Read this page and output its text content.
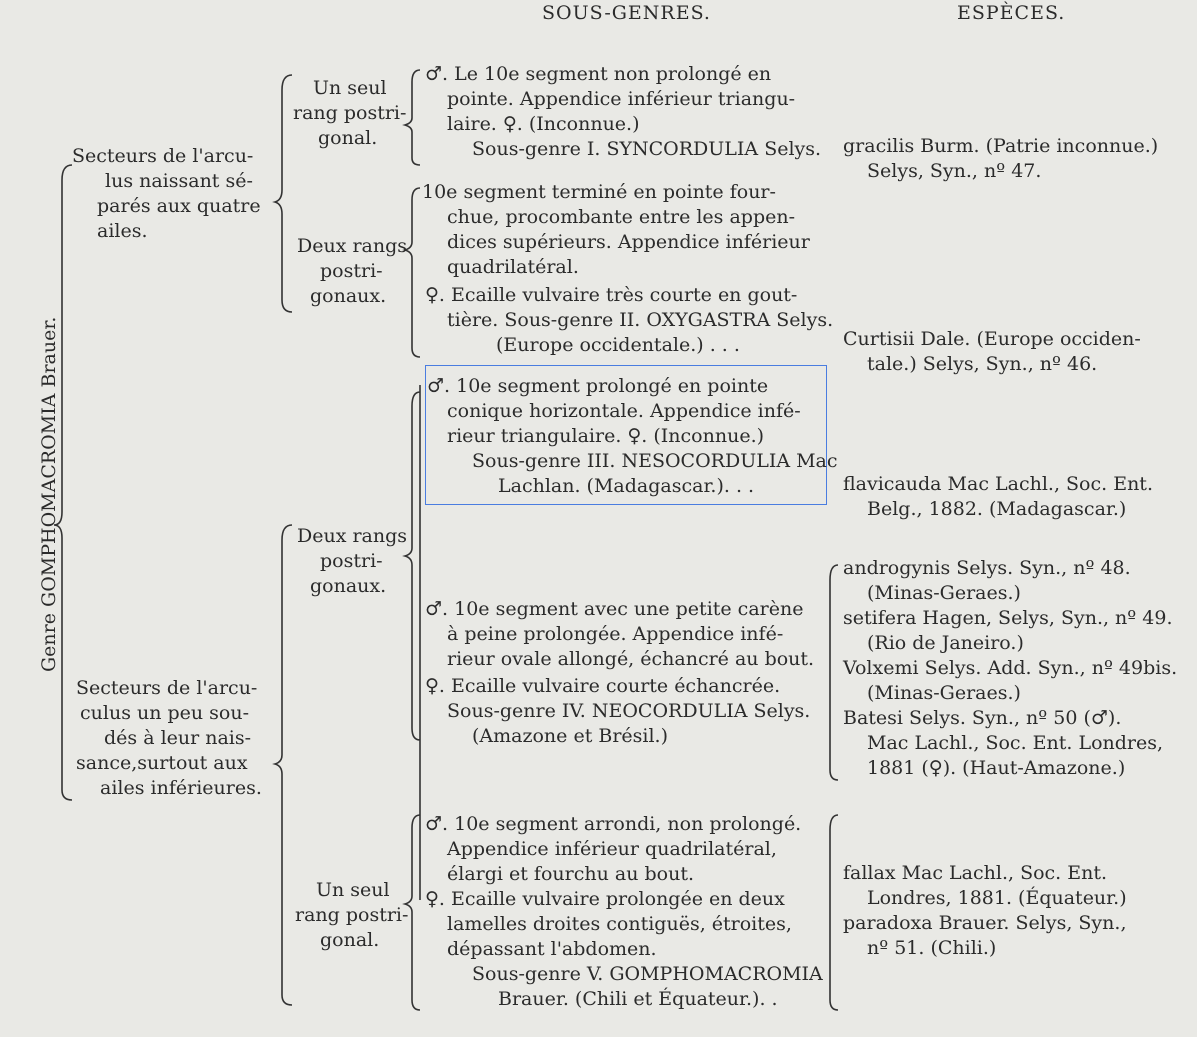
SOUS-GENRES.	ESPÈCES.
Genre GOMPHOMACROMIA Brauer.
Secteurs de l'arcu-
lus naissant sé-
parés aux quatre
ailes.
Secteurs de l'arcu-
culus un peu sou-
dés à leur nais-
sance,surtout aux
ailes inférieures.
Un seul
rang postri-
gonal.
Deux rangs
postri-
gonaux.
Deux rangs
postri-
gonaux.
Un seul
rang postri-
gonal.
♂. Le 10e segment non prolongé en
pointe. Appendice inférieur triangu-
laire. ♀. (Inconnue.)
Sous-genre I. SYNCORDULIA Selys.
10e segment terminé en pointe four-
chue, procombante entre les appen-
dices supérieurs. Appendice inférieur
quadrilatéral.
♀. Ecaille vulvaire très courte en gout-
tière. Sous-genre II. OXYGASTRA Selys.
(Europe occidentale.) . . .
♂. 10e segment prolongé en pointe
conique horizontale. Appendice infé-
rieur triangulaire. ♀. (Inconnue.)
Sous-genre III. NESOCORDULIA Mac
Lachlan. (Madagascar.). . .
♂. 10e segment avec une petite carène
à peine prolongée. Appendice infé-
rieur ovale allongé, échancré au bout.
♀. Ecaille vulvaire courte échancrée.
Sous-genre IV. NEOCORDULIA Selys.
(Amazone et Brésil.)
♂. 10e segment arrondi, non prolongé.
Appendice inférieur quadrilatéral,
élargi et fourchu au bout.
♀. Ecaille vulvaire prolongée en deux
lamelles droites contiguës, étroites,
dépassant l'abdomen.
Sous-genre V. GOMPHOMACROMIA
Brauer. (Chili et Équateur.). .
gracilis Burm. (Patrie inconnue.)
Selys, Syn., nº 47.
Curtisii Dale. (Europe occiden-
tale.) Selys, Syn., nº 46.
flavicauda Mac Lachl., Soc. Ent.
Belg., 1882. (Madagascar.)
androgynis Selys. Syn., nº 48.
(Minas-Geraes.)
setifera Hagen, Selys, Syn., nº 49.
(Rio de Janeiro.)
Volxemi Selys. Add. Syn., nº 49bis.
(Minas-Geraes.)
Batesi Selys. Syn., nº 50 (♂).
Mac Lachl., Soc. Ent. Londres,
1881 (♀). (Haut-Amazone.)
fallax Mac Lachl., Soc. Ent.
Londres, 1881. (Équateur.)
paradoxa Brauer. Selys, Syn.,
nº 51. (Chili.)
